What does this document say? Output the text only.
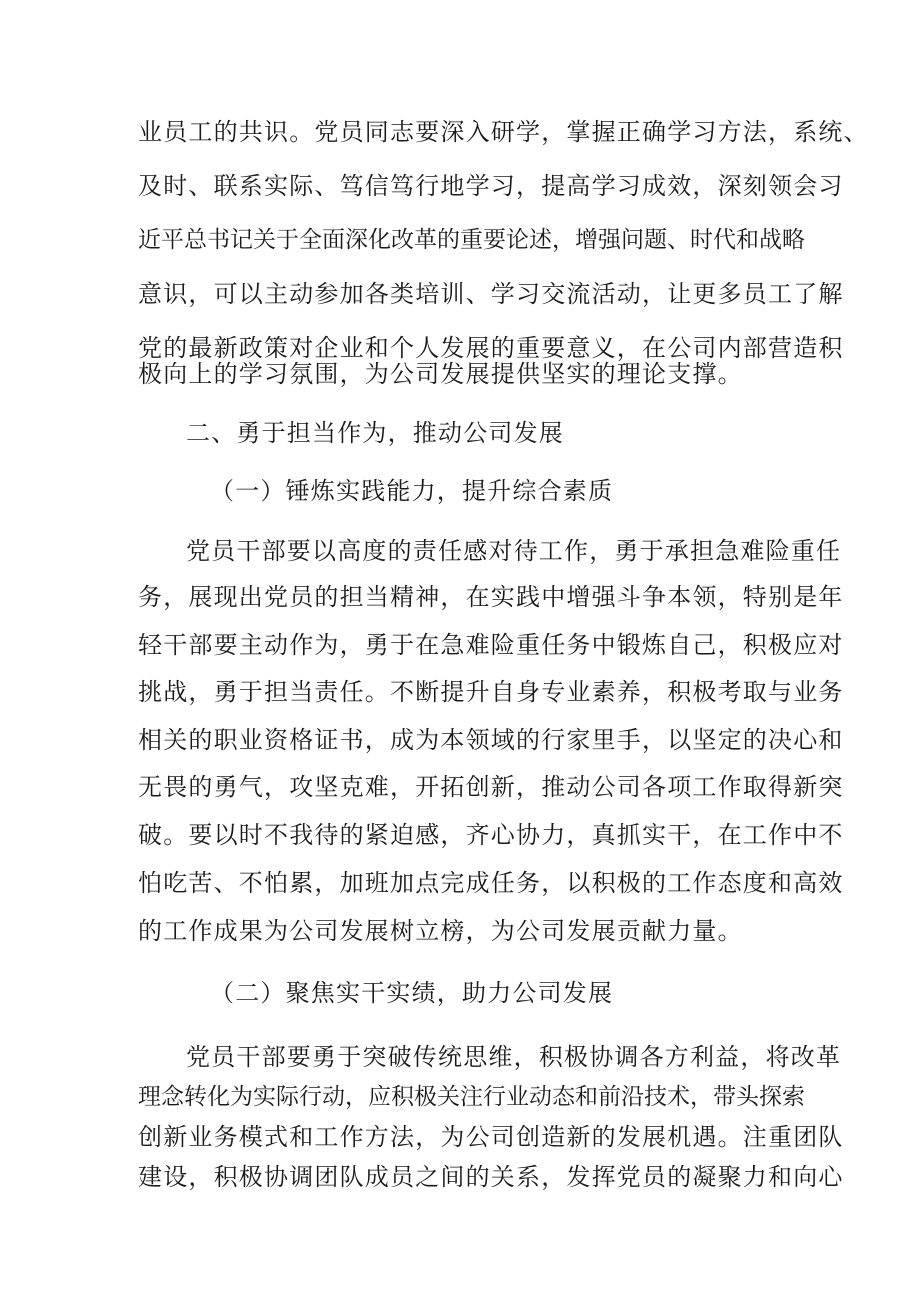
业员工的共识。党员同志要深入研学，掌握正确学习方法，系统、
及时、联系实际、笃信笃行地学习，提高学习成效，深刻领会习
近平总书记关于全面深化改革的重要论述，增强问题、时代和战略
意识，可以主动参加各类培训、学习交流活动，让更多员工了解
党的最新政策对企业和个人发展的重要意义，在公司内部营造积
极向上的学习氛围，为公司发展提供坚实的理论支撑。
二、勇于担当作为，推动公司发展
（一）锤炼实践能力，提升综合素质
党员干部要以高度的责任感对待工作，勇于承担急难险重任
务，展现出党员的担当精神，在实践中增强斗争本领，特别是年
轻干部要主动作为，勇于在急难险重任务中锻炼自己，积极应对
挑战，勇于担当责任。不断提升自身专业素养，积极考取与业务
相关的职业资格证书，成为本领域的行家里手，以坚定的决心和
无畏的勇气，攻坚克难，开拓创新，推动公司各项工作取得新突
破。要以时不我待的紧迫感，齐心协力，真抓实干，在工作中不
怕吃苦、不怕累，加班加点完成任务，以积极的工作态度和高效
的工作成果为公司发展树立榜，为公司发展贡献力量。
（二）聚焦实干实绩，助力公司发展
党员干部要勇于突破传统思维，积极协调各方利益，将改革
理念转化为实际行动，应积极关注行业动态和前沿技术，带头探索
创新业务模式和工作方法，为公司创造新的发展机遇。注重团队
建设，积极协调团队成员之间的关系，发挥党员的凝聚力和向心
